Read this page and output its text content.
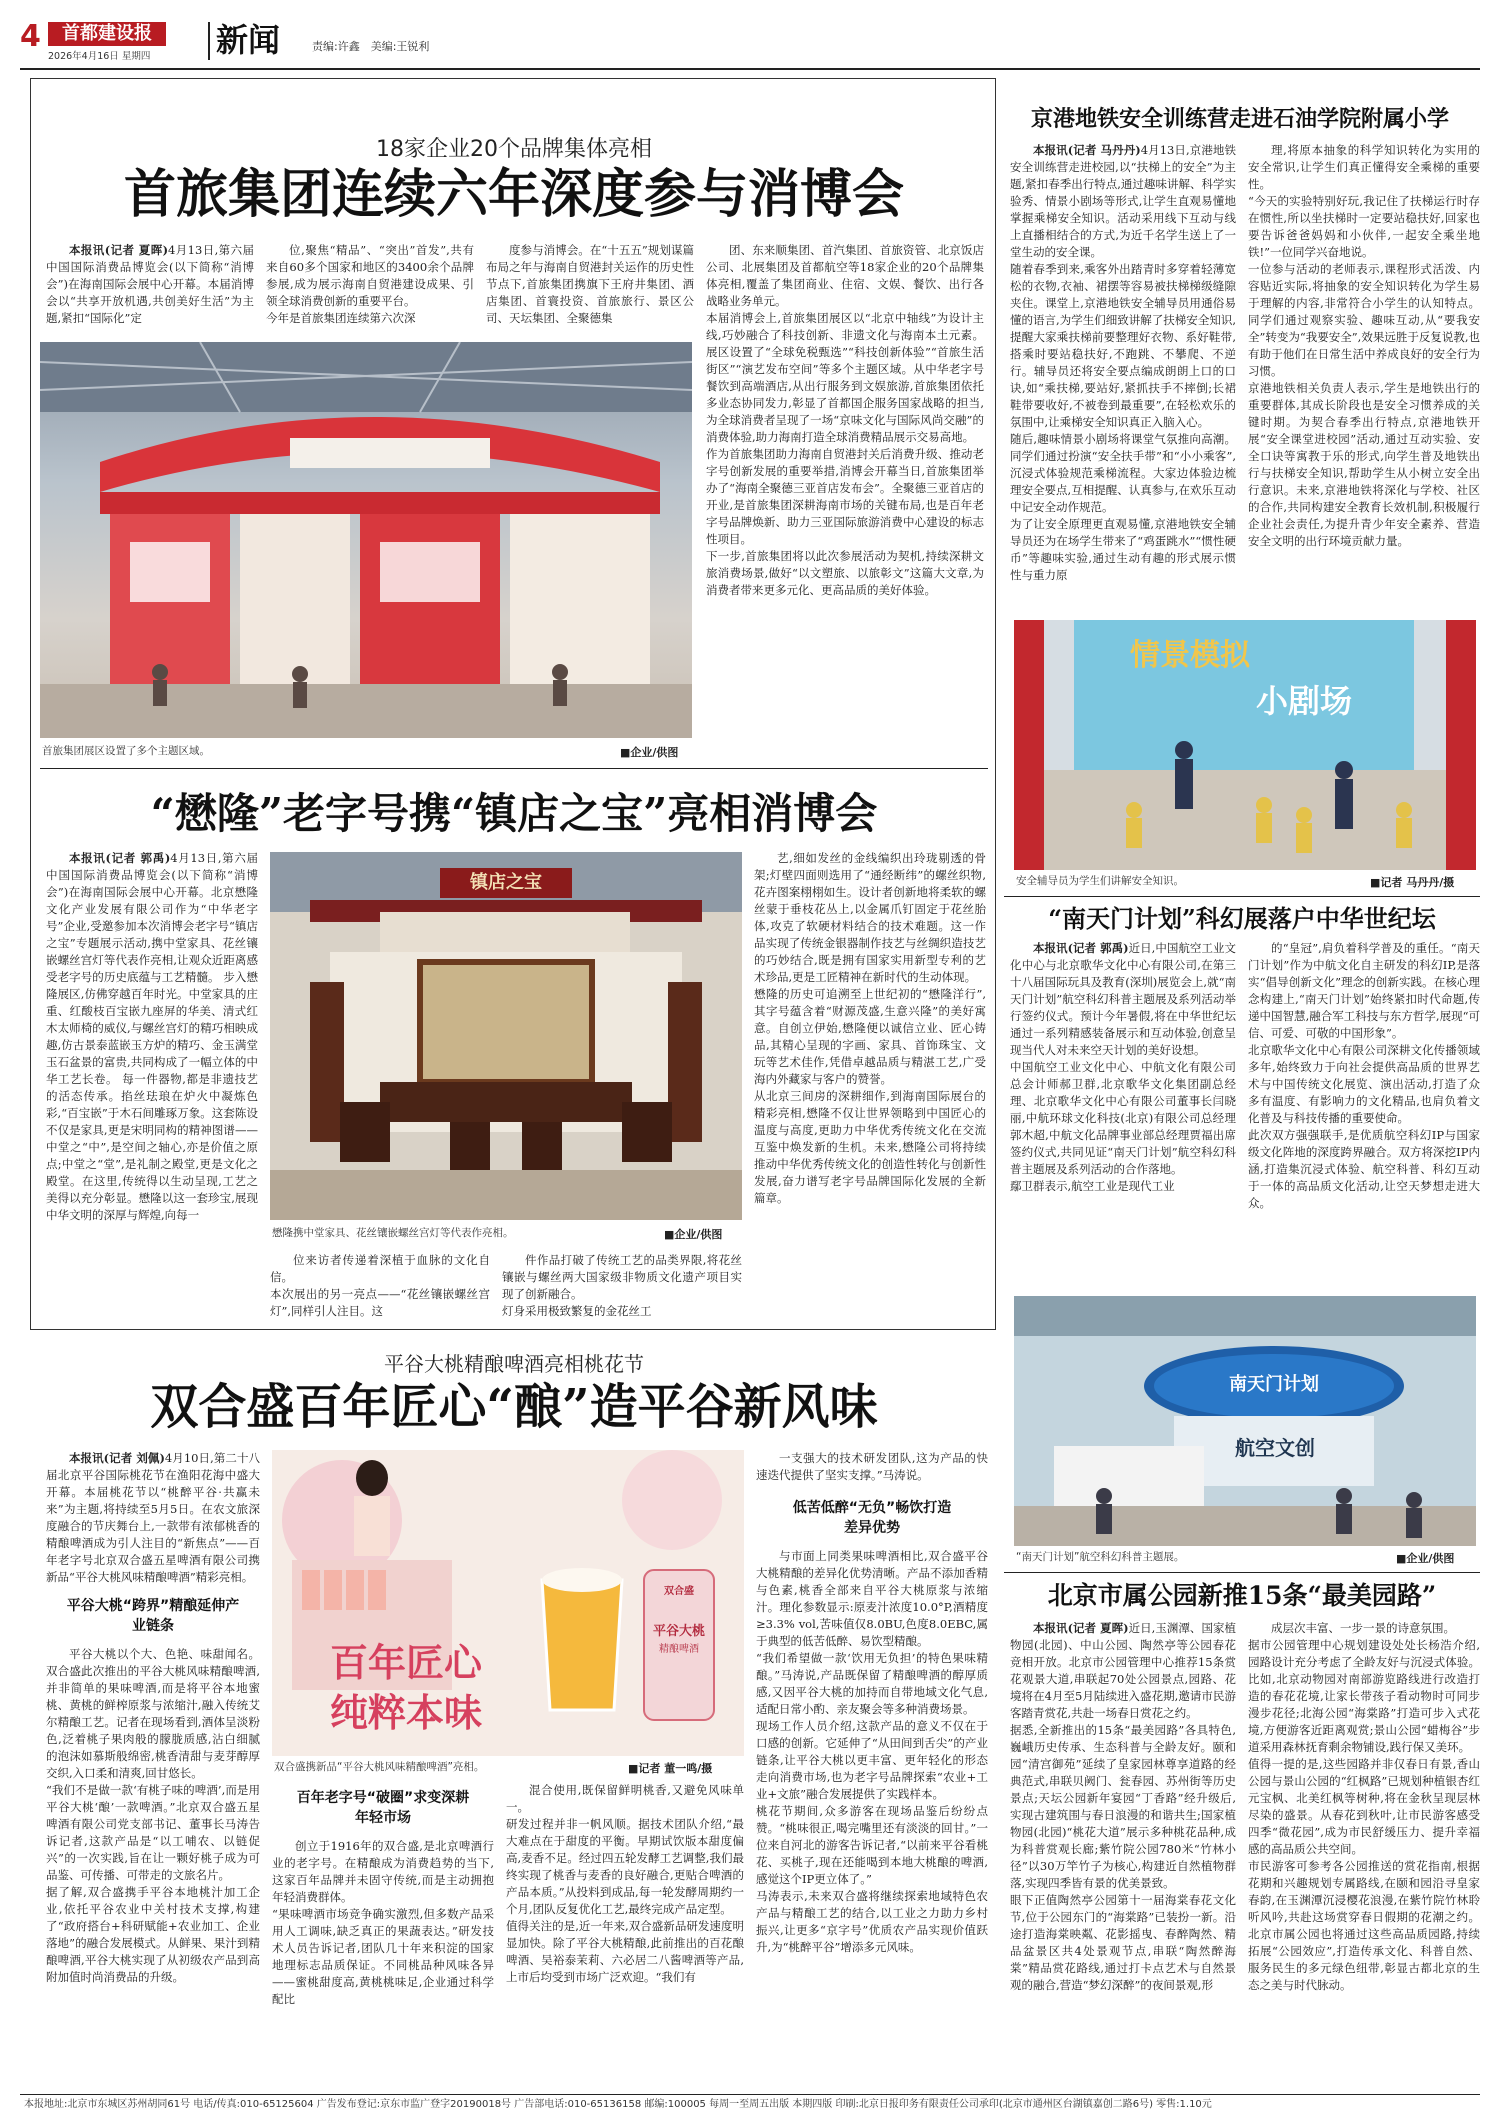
4	首都建设报
2026年4月16日 星期四	新闻	责编:许鑫　美编:王锐利
18家企业20个品牌集体亮相
首旅集团连续六年深度参与消博会

本报讯(记者 夏晖)4月13日,第六届中国国际消费品博览会(以下简称“消博会”)在海南国际会展中心开幕。本届消博会以“共享开放机遇,共创美好生活”为主题,紧扣“国际化”定

位,聚焦“精品”、“突出”首发”,共有来自60多个国家和地区的3400余个品牌参展,成为展示海南自贸港建设成果、引领全球消费创新的重要平台。
今年是首旅集团连续第六次深

度参与消博会。在“十五五”规划谋篇布局之年与海南自贸港封关运作的历史性节点下,首旅集团携旗下王府井集团、酒店集团、首寰投资、首旅旅行、景区公司、天坛集团、全聚德集

团、东来顺集团、首汽集团、首旅资管、北京饭店公司、北展集团及首都航空等18家企业的20个品牌集体亮相,覆盖了集团商业、住宿、文娱、餐饮、出行各战略业务单元。
本届消博会上,首旅集团展区以“北京中轴线”为设计主线,巧妙融合了科技创新、非遗文化与海南本土元素。展区设置了“全球免税甄选”“科技创新体验”“首旅生活街区”“演艺发布空间”等多个主题区域。从中华老字号餐饮到高端酒店,从出行服务到文娱旅游,首旅集团依托多业态协同发力,彰显了首都国企服务国家战略的担当,为全球消费者呈现了一场“京味文化与国际风尚交融”的消费体验,助力海南打造全球消费精品展示交易高地。
作为首旅集团助力海南自贸港封关后消费升级、推动老字号创新发展的重要举措,消博会开幕当日,首旅集团举办了“海南全聚德三亚首店发布会”。全聚德三亚首店的开业,是首旅集团深耕海南市场的关键布局,也是百年老字号品牌焕新、助力三亚国际旅游消费中心建设的标志性项目。
下一步,首旅集团将以此次参展活动为契机,持续深耕文旅消费场景,做好“以文塑旅、以旅彰文”这篇大文章,为消费者带来更多元化、更高品质的美好体验。

首旅集团展区设置了多个主题区域。	■企业/供图
“懋隆”老字号携“镇店之宝”亮相消博会

本报讯(记者 郭禹)4月13日,第六届中国国际消费品博览会(以下简称“消博会”)在海南国际会展中心开幕。北京懋隆文化产业发展有限公司作为“中华老字号”企业,受邀参加本次消博会老字号“镇店之宝”专题展示活动,携中堂家具、花丝镶嵌螺丝宫灯等代表作亮相,让观众近距离感受老字号的历史底蕴与工艺精髓。 步入懋隆展区,仿佛穿越百年时光。中堂家具的庄重、红酸枝百宝嵌九座屏的华美、清式红木太师椅的威仪,与螺丝宫灯的精巧相映成趣,仿古景泰蓝嵌玉方炉的精巧、金玉满堂玉石盆景的富贵,共同构成了一幅立体的中华工艺长卷。 每一件器物,都是非遗技艺的活态传承。掐丝珐琅在炉火中凝炼色彩,“百宝嵌”于木石间雕琢万象。这套陈设不仅是家具,更是宋明同构的精神图谱——中堂之“中”,是空间之轴心,亦是价值之原点;中堂之“堂”,是礼制之殿堂,更是文化之殿堂。在这里,传统得以生动呈现,工艺之美得以充分彰显。懋隆以这一套珍宝,展现中华文明的深厚与辉煌,向每一

镇店之宝
懋隆携中堂家具、花丝镶嵌螺丝宫灯等代表作亮相。	■企业/供图

位来访者传递着深植于血脉的文化自信。
本次展出的另一亮点——“花丝镶嵌螺丝宫灯”,同样引人注目。这

件作品打破了传统工艺的品类界限,将花丝镶嵌与螺丝两大国家级非物质文化遗产项目实现了创新融合。
灯身采用极致繁复的金花丝工

艺,细如发丝的金线编织出玲珑剔透的骨架;灯壁四面则选用了“通经断纬”的螺丝织物,花卉图案栩栩如生。设计者创新地将柔软的螺丝蒙于垂枝花丛上,以金属爪钉固定于花丝胎体,攻克了软硬材料结合的技术难题。这一作品实现了传统金银器制作技艺与丝绸织造技艺的巧妙结合,既是拥有国家实用新型专利的艺术珍品,更是工匠精神在新时代的生动体现。
懋隆的历史可追溯至上世纪初的“懋隆洋行”,其字号蕴含着“财源茂盛,生意兴隆”的美好寓意。自创立伊始,懋隆便以诚信立业、匠心铸品,其精心呈现的字画、家具、首饰珠宝、文玩等艺术佳作,凭借卓越品质与精湛工艺,广受海内外藏家与客户的赞誉。
从北京三间房的深耕细作,到海南国际展台的精彩亮相,懋隆不仅让世界领略到中国匠心的温度与高度,更助力中华优秀传统文化在交流互鉴中焕发新的生机。未来,懋隆公司将持续推动中华优秀传统文化的创造性转化与创新性发展,奋力谱写老字号品牌国际化发展的全新篇章。

平谷大桃精酿啤酒亮相桃花节
双合盛百年匠心“酿”造平谷新风味

本报讯(记者 刘佩)4月10日,第二十八届北京平谷国际桃花节在渔阳花海中盛大开幕。本届桃花节以“桃醉平谷·共赢未来”为主题,将持续至5月5日。在农文旅深度融合的节庆舞台上,一款带有浓郁桃香的精酿啤酒成为引人注目的“新焦点”——百年老字号北京双合盛五星啤酒有限公司携新品“平谷大桃风味精酿啤酒”精彩亮相。

平谷大桃“跨界”精酿延伸产业链条

平谷大桃以个大、色艳、味甜闻名。双合盛此次推出的平谷大桃风味精酿啤酒,并非简单的果味啤酒,而是将平谷本地蜜桃、黄桃的鲜榨原浆与浓缩汁,融入传统艾尔精酿工艺。记者在现场看到,酒体呈淡粉色,泛着桃子果肉般的朦胧质感,沾白细腻的泡沫如慕斯般绵密,桃香清甜与麦芽醇厚交织,入口柔和清爽,回甘悠长。
“我们不是做一款‘有桃子味的啤酒’,而是用平谷大桃‘酿’一款啤酒。”北京双合盛五星啤酒有限公司党支部书记、董事长马涛告诉记者,这款产品是“以工哺农、以链促兴”的一次实践,旨在让一颗好桃子成为可品鉴、可传播、可带走的文旅名片。
据了解,双合盛携手平谷本地桃汁加工企业,依托平谷农业中关村技术支撑,构建了“政府搭台+科研赋能+农业加工、企业落地”的融合发展模式。从鲜果、果汁到精酿啤酒,平谷大桃实现了从初级农产品到高附加值时尚消费品的升级。

百年匠心
纯粹本味
双合盛
平谷大桃
精酿啤酒
双合盛携新品“平谷大桃风味精酿啤酒”亮相。	■记者 董一鸣/摄
百年老字号“破圈”求变深耕年轻市场

创立于1916年的双合盛,是北京啤酒行业的老字号。在精酿成为消费趋势的当下,这家百年品牌并未固守传统,而是主动拥抱年轻消费群体。
“果味啤酒市场竞争确实激烈,但多数产品采用人工调味,缺乏真正的果蔬表达。”研发技术人员告诉记者,团队几十年来积淀的国家地理标志品质保证。不同桃品种风味各异——蜜桃甜度高,黄桃桃味足,企业通过科学配比

混合使用,既保留鲜明桃香,又避免风味单一。
研发过程并非一帆风顺。据技术团队介绍,“最大难点在于甜度的平衡。早期试饮版本甜度偏高,麦香不足。经过四五轮发酵工艺调整,我们最终实现了桃香与麦香的良好融合,更贴合啤酒的产品本质。”从投料到成品,每一轮发酵周期约一个月,团队反复优化工艺,最终完成产品定型。
值得关注的是,近一年来,双合盛新品研发速度明显加快。除了平谷大桃精酿,此前推出的百花酿啤酒、吴裕泰茉莉、六必居二八酱啤酒等产品,上市后均受到市场广泛欢迎。“我们有

一支强大的技术研发团队,这为产品的快速迭代提供了坚实支撑。”马涛说。

低苦低醉“无负”畅饮打造差异优势

与市面上同类果味啤酒相比,双合盛平谷大桃精酿的差异化优势清晰。产品不添加香精与色素,桃香全部来自平谷大桃原浆与浓缩汁。理化参数显示:原麦汁浓度10.0°P,酒精度≥3.3% vol,苦味值仅8.0BU,色度8.0EBC,属于典型的低苦低醉、易饮型精酿。
“我们希望做一款‘饮用无负担’的特色果味精酿。”马涛说,产品既保留了精酿啤酒的醇厚质感,又因平谷大桃的加持而自带地域文化气息,适配日常小酌、亲友聚会等多种消费场景。
现场工作人员介绍,这款产品的意义不仅在于口感的创新。它延伸了“从田间到舌尖”的产业链条,让平谷大桃以更丰富、更年轻化的形态走向消费市场,也为老字号品牌探索“农业+工业+文旅”融合发展提供了实践样本。
桃花节期间,众多游客在现场品鉴后纷纷点赞。“桃味很正,喝完嘴里还有淡淡的回甘。”一位来自河北的游客告诉记者,“以前来平谷看桃花、买桃子,现在还能喝到本地大桃酿的啤酒,感觉这个IP更立体了。”
马涛表示,未来双合盛将继续探索地域特色农产品与精酿工艺的结合,以工业之力助力乡村振兴,让更多“京字号”优质农产品实现价值跃升,为“桃醉平谷”增添多元风味。

京港地铁安全训练营走进石油学院附属小学

本报讯(记者 马丹丹)4月13日,京港地铁安全训练营走进校园,以“扶梯上的安全”为主题,紧扣春季出行特点,通过趣味讲解、科学实验秀、情景小剧场等形式,让学生直观易懂地掌握乘梯安全知识。活动采用线下互动与线上直播相结合的方式,为近千名学生送上了一堂生动的安全课。
随着春季到来,乘客外出踏青时多穿着轻薄宽松的衣物,衣袖、裙摆等容易被扶梯梯级缝隙夹住。课堂上,京港地铁安全辅导员用通俗易懂的语言,为学生们细致讲解了扶梯安全知识,提醒大家乘扶梯前要整理好衣物、系好鞋带,搭乘时要站稳扶好,不跑跳、不攀爬、不逆行。辅导员还将安全要点编成朗朗上口的口诀,如“乘扶梯,要站好,紧抓扶手不摔倒;长裙鞋带要收好,不被卷到最重要”,在轻松欢乐的氛围中,让乘梯安全知识真正入脑入心。
随后,趣味情景小剧场将课堂气氛推向高潮。同学们通过扮演“安全扶手带”和“小小乘客”,沉浸式体验规范乘梯流程。大家边体验边梳理安全要点,互相提醒、认真参与,在欢乐互动中记安全动作规范。
为了让安全原理更直观易懂,京港地铁安全辅导员还为在场学生带来了“鸡蛋跳水”“惯性硬币”等趣味实验,通过生动有趣的形式展示惯性与重力原

理,将原本抽象的科学知识转化为实用的安全常识,让学生们真正懂得安全乘梯的重要性。
“今天的实验特别好玩,我记住了扶梯运行时存在惯性,所以坐扶梯时一定要站稳扶好,回家也要告诉爸爸妈妈和小伙伴,一起安全乘坐地铁!”一位同学兴奋地说。
一位参与活动的老师表示,课程形式活泼、内容贴近实际,将抽象的安全知识转化为学生易于理解的内容,非常符合小学生的认知特点。同学们通过观察实验、趣味互动,从“要我安全”转变为“我要安全”,效果远胜于反复说教,也有助于他们在日常生活中养成良好的安全行为习惯。
京港地铁相关负责人表示,学生是地铁出行的重要群体,其成长阶段也是安全习惯养成的关键时期。为契合春季出行特点,京港地铁开展“安全课堂进校园”活动,通过互动实验、安全口诀等寓教于乐的形式,向学生普及地铁出行与扶梯安全知识,帮助学生从小树立安全出行意识。未来,京港地铁将深化与学校、社区的合作,共同构建安全教育长效机制,积极履行企业社会责任,为提升青少年安全素养、营造安全文明的出行环境贡献力量。

情景模拟
小剧场
安全辅导员为学生们讲解安全知识。	■记者 马丹丹/摄
“南天门计划”科幻展落户中华世纪坛

本报讯(记者 郭禹)近日,中国航空工业文化中心与北京歌华文化中心有限公司,在第三十八届国际玩具及教育(深圳)展览会上,就“南天门计划”航空科幻科普主题展及系列活动举行签约仪式。预计今年暑假,将在中华世纪坛通过一系列精感装备展示和互动体验,创意呈现当代人对未来空天计划的美好设想。
中国航空工业文化中心、中航文化有限公司总会计师郝卫群,北京歌华文化集团副总经理、北京歌华文化中心有限公司董事长闫晓丽,中航环球文化科技(北京)有限公司总经理郭木超,中航文化品牌事业部总经理贾福出席签约仪式,共同见证“南天门计划”航空科幻科普主题展及系列活动的合作落地。
鄢卫群表示,航空工业是现代工业

的“皇冠”,肩负着科学普及的重任。“南天门计划”作为中航文化自主研发的科幻IP,是落实“倡导创新文化”理念的创新实践。在核心理念构建上,“南天门计划”始终紧扣时代命题,传递中国智慧,融合军工科技与东方哲学,展现“可信、可爱、可敬的中国形象”。
北京歌华文化中心有限公司深耕文化传播领域多年,始终致力于向社会提供高品质的世界艺术与中国传统文化展览、演出活动,打造了众多有温度、有影响力的文化精品,也肩负着文化普及与科技传播的重要使命。
此次双方强强联手,是优质航空科幻IP与国家级文化阵地的深度跨界融合。双方将深挖IP内涵,打造集沉浸式体验、航空科普、科幻互动于一体的高品质文化活动,让空天梦想走进大众。

南天门计划
航空文创
“南天门计划”航空科幻科普主题展。	■企业/供图
北京市属公园新推15条“最美园路”

本报讯(记者 夏晖)近日,玉渊潭、国家植物园(北园)、中山公园、陶然亭等公园春花竞相开放。北京市公园管理中心推荐15条赏花观景大道,串联起70处公园景点,园路、花境将在4月至5月陆续进入盛花期,邀请市民游客踏青赏花,共赴一场春日赏花之约。
据悉,全新推出的15条“最美园路”各具特色,巍峨历史传承、生态科普与全龄友好。颐和园“清宫御苑”延续了皇家园林尊享道路的经典范式,串联贝阙门、瓮春园、苏州街等历史景点;天坛公园新年宴园“丁香路”经升级后,实现古建筑围与春日浪漫的和谐共生;国家植物园(北园)“桃花大道”展示多种桃花品种,成为科普赏观长廊;紫竹院公园780米“竹林小径”以30万竿竹子为核心,构建近自然植物群落,实现四季皆有景的优美景致。
眼下正值陶然亭公园第十一届海棠春花文化节,位于公园东门的“海棠路”已装扮一新。沿途打造海棠映粼、花影摇曳、春醉陶然、精品盆景区共4处景观节点,串联“陶然醉海棠”精品赏花路线,通过打卡点艺术与自然景观的融合,营造“梦幻深醉”的夜间景观,形

成层次丰富、一步一景的诗意氛围。
据市公园管理中心规划建设处处长杨浩介绍,园路设计充分考虑了全龄友好与沉浸式体验。比如,北京动物园对南部游览路线进行改造打造的春花花境,让家长带孩子看动物时可同步漫步花径;北海公园“海棠路”打造可步入式花境,方便游客近距离观赏;景山公园“蜡梅谷”步道采用森林抚育剩余物铺设,践行保又美环。
值得一提的是,这些园路并非仅春日有景,香山公园与景山公园的“红枫路”已规划种植银杏红元宝枫、北美红枫等树种,将在金秋呈现层林尽染的盛景。从春花到秋叶,让市民游客感受四季“微花园”,成为市民舒缓压力、提升幸福感的高品质公共空间。
市民游客可参考各公园推送的赏花指南,根据花期和兴趣规划专属路线,在颐和园沿寻皇家春韵,在玉渊潭沉浸樱花浪漫,在紫竹院竹林聆听风吟,共赴这场赏穿春日假期的花潮之约。北京市属公园也将通过这些高品质园路,持续拓展“公园效应”,打造传承文化、科普自然、服务民生的多元绿色纽带,彰显古都北京的生态之美与时代脉动。

本报地址:北京市东城区苏州胡同61号 电话/传真:010-65125604 广告发布登记:京东市监广登字20190018号 广告部电话:010-65136158 邮编:100005 每周一至周五出版 本期四版 印刷:北京日报印务有限责任公司承印(北京市通州区台湖镇嘉创二路6号) 零售:1.10元
